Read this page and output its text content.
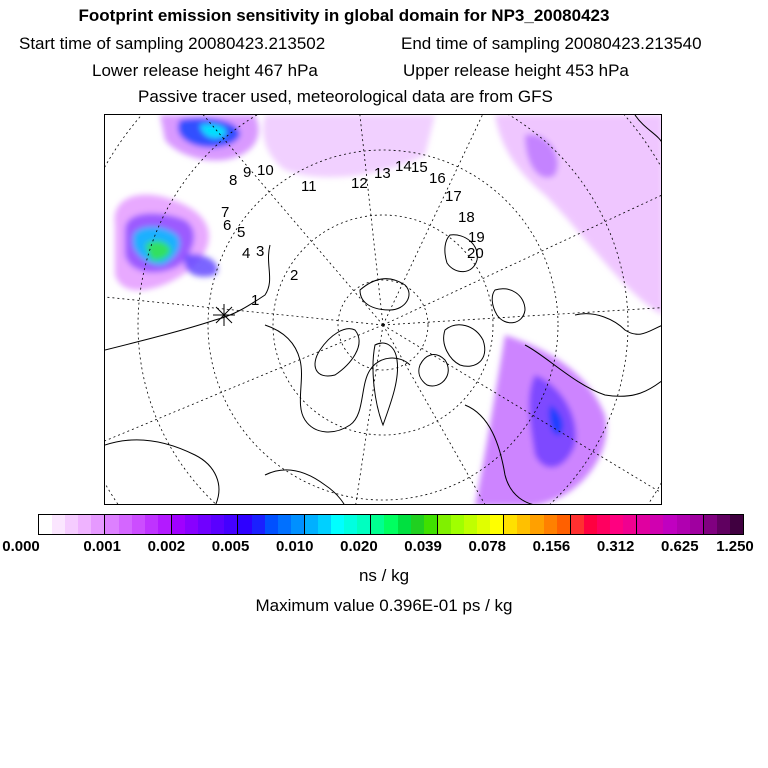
Footprint emission sensitivity in global domain for NP3_20080423
Start time of sampling 20080423.213502	End time of sampling 20080423.213540
Lower release height 467 hPa	Upper release height 453 hPa
Passive tracer used, meteorological data are from GFS
1
2
3
4
5
6
7
8 9 10
11 12
13 14 15
16
17
18
19
20
0.000	0.001 0.002 0.005 0.010 0.020 0.039 0.078 0.156 0.312 0.625 1.250
ns / kg
Maximum value 0.396E-01 ps / kg
